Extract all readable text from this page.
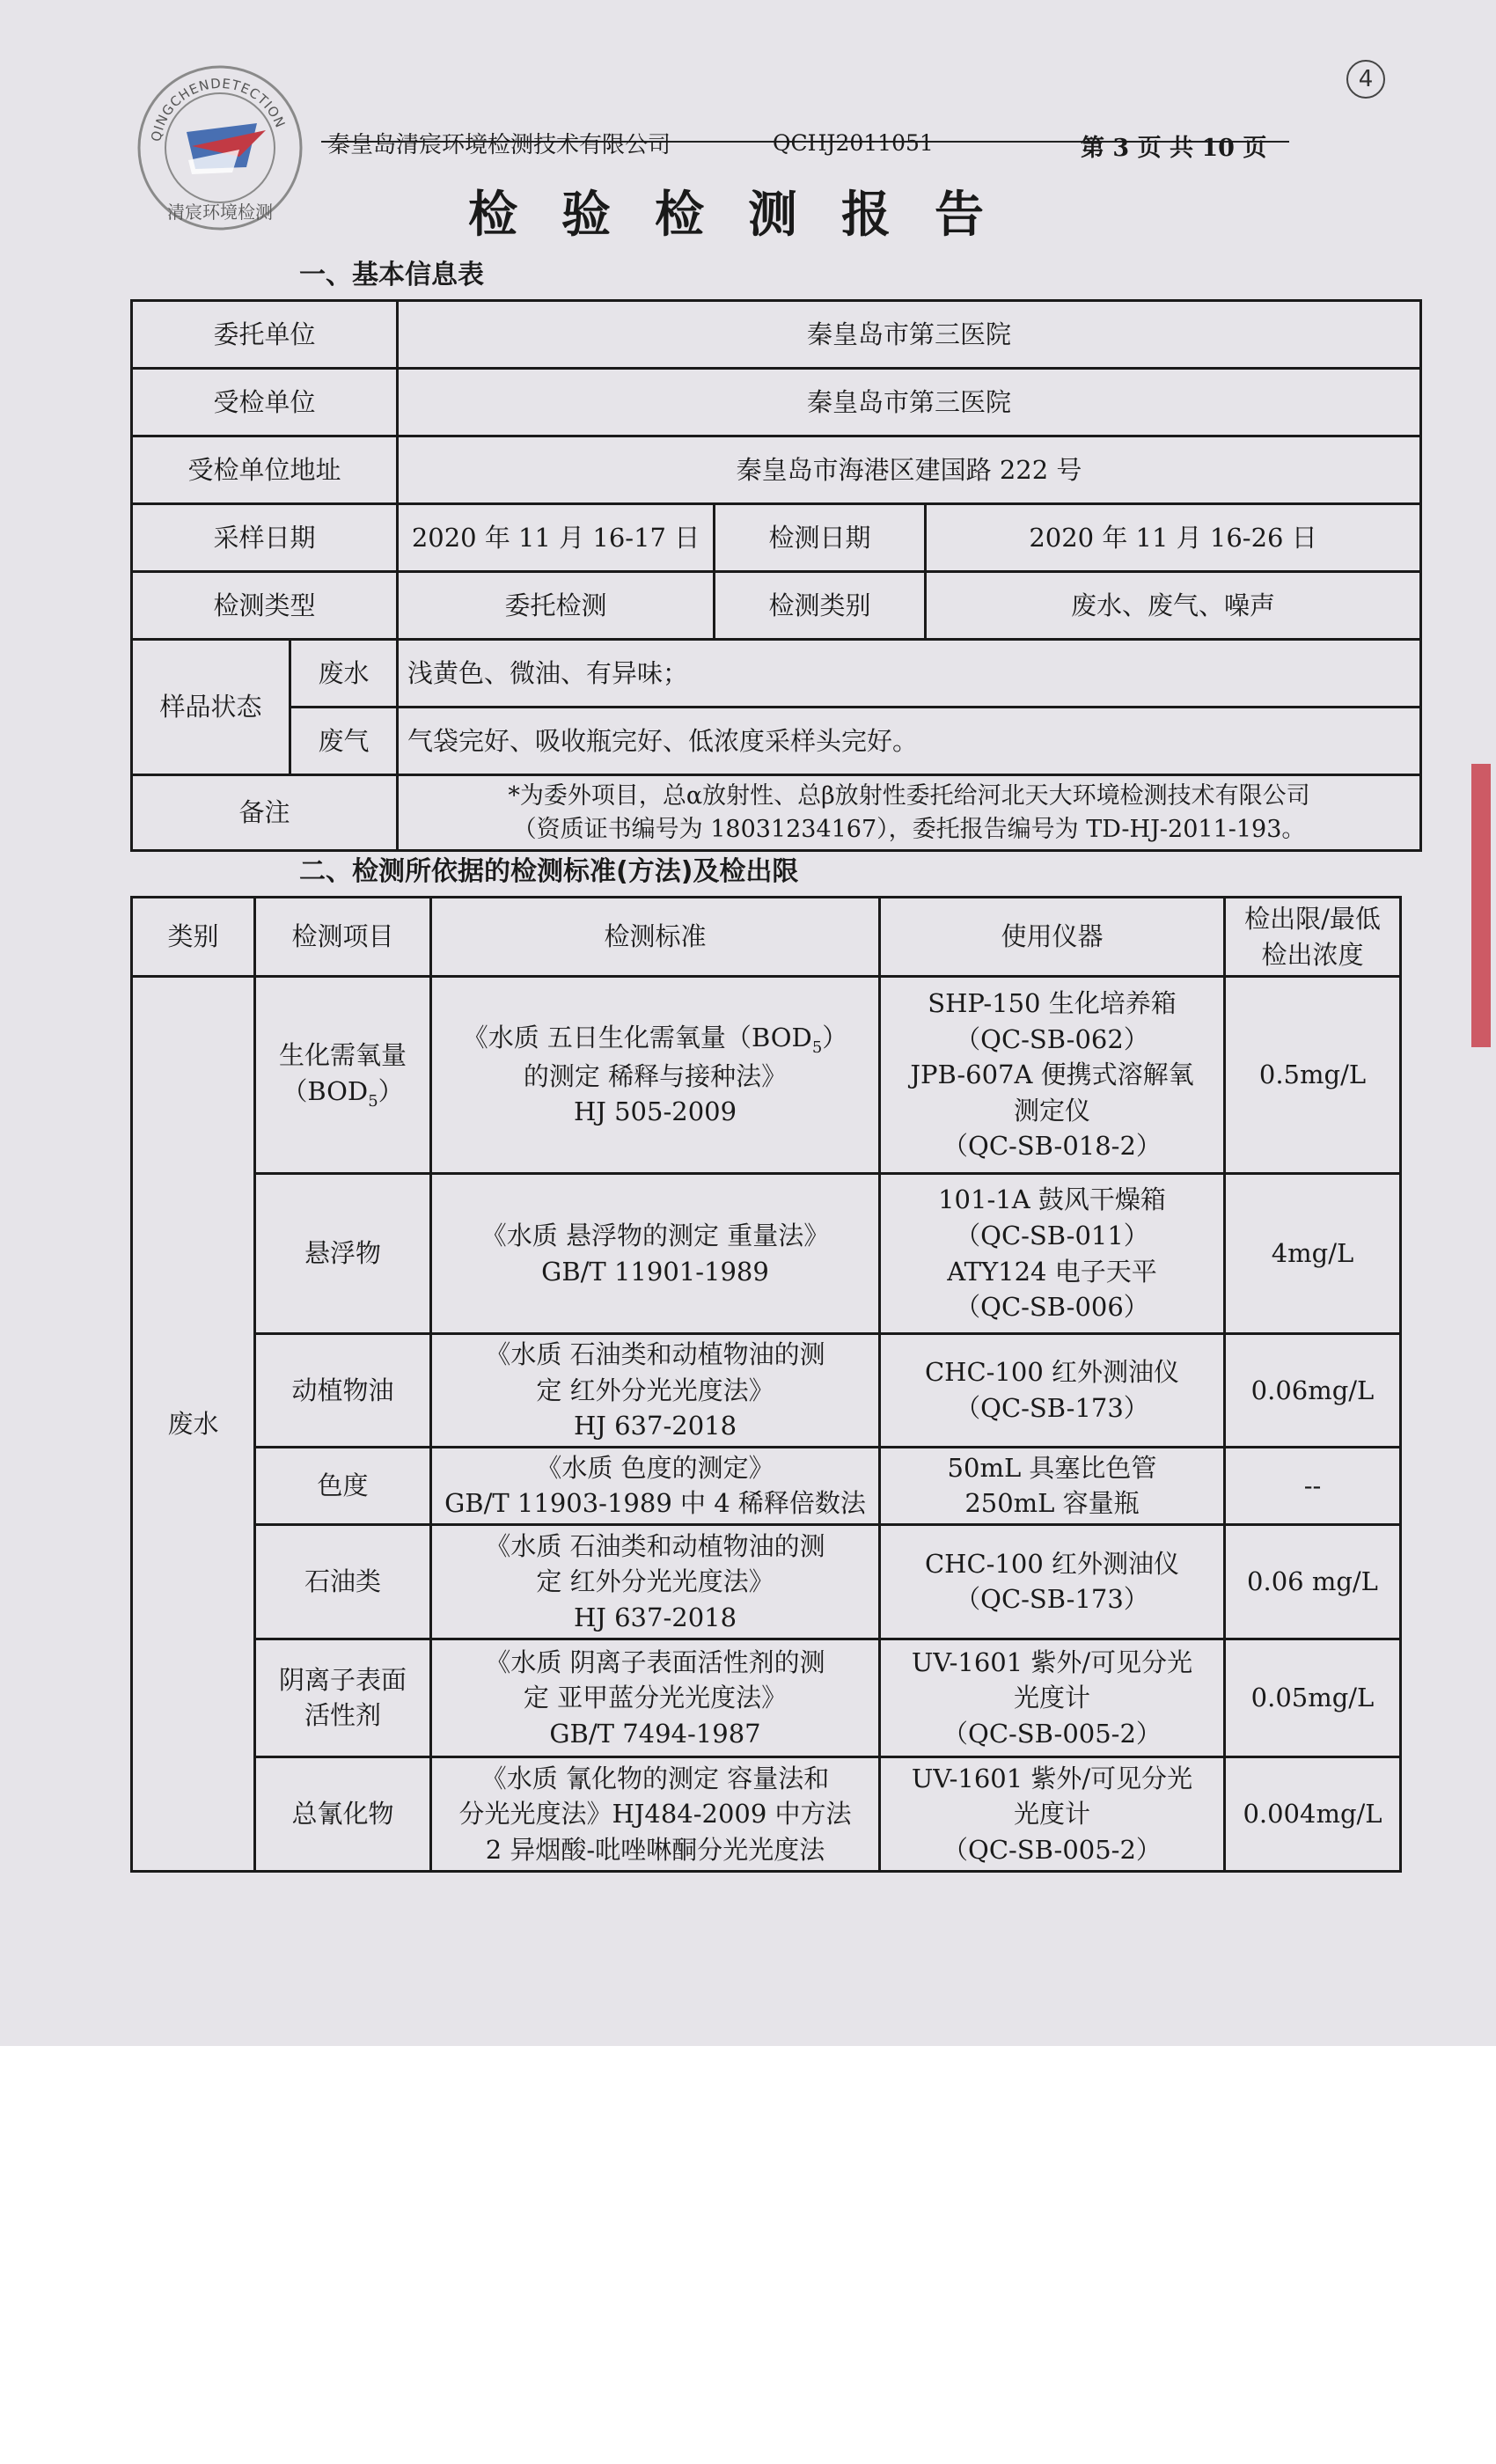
QINGCHENDETECTION
清宸环境检测
秦皇岛清宸环境检测技术有限公司	QCHJ2011051	第 3 页 共 10 页
4
检验检测报告
一、基本信息表
委托单位		秦皇岛市第三医院		
受检单位		秦皇岛市第三医院		
受检单位地址		秦皇岛市海港区建国路 222 号		
采样日期		2020 年 11 月 16-17 日	检测日期	2020 年 11 月 16-26 日
检测类型		委托检测	检测类别	废水、废气、噪声
样品状态	废水	浅黄色、微油、有异味；		
	废气	气袋完好、吸收瓶完好、低浓度采样头完好。		
备注		*为委外项目，总α放射性、总β放射性委托给河北天大环境检测技术有限公司
（资质证书编号为 18031234167），委托报告编号为 TD-HJ-2011-193。		
二、检测所依据的检测标准(方法)及检出限
类别	检测项目	检测标准	使用仪器	检出限/最低
检出浓度

废水	生化需氧量
$(BOD_5)$	《水质 五日生化需氧量$(BOD_5)$
的测定 稀释与接种法》
HJ 505-2009	SHP-150 生化培养箱
（QC-SB-062）
JPB-607A 便携式溶解氧
测定仪
（QC-SB-018-2）	0.5mg/L
	悬浮物	《水质 悬浮物的测定 重量法》
GB/T 11901-1989	101-1A 鼓风干燥箱
（QC-SB-011）
ATY124 电子天平
（QC-SB-006）	4mg/L
	动植物油	《水质 石油类和动植物油的测
定 红外分光光度法》
HJ 637-2018	CHC-100 红外测油仪
（QC-SB-173）	0.06mg/L
	色度	《水质 色度的测定》
GB/T 11903-1989 中 4 稀释倍数法	50mL 具塞比色管
250mL 容量瓶	--
	石油类	《水质 石油类和动植物油的测
定 红外分光光度法》
HJ 637-2018	CHC-100 红外测油仪
（QC-SB-173）	0.06 mg/L

	阴离子表面
活性剂	《水质 阴离子表面活性剂的测
定 亚甲蓝分光光度法》
GB/T 7494-1987	UV-1601 紫外/可见分光
光度计
（QC-SB-005-2）	0.05mg/L
	总氰化物	《水质 氰化物的测定 容量法和
分光光度法》HJ484-2009 中方法
2 异烟酸-吡唑啉酮分光光度法	UV-1601 紫外/可见分光
光度计
（QC-SB-005-2）	0.004mg/L
